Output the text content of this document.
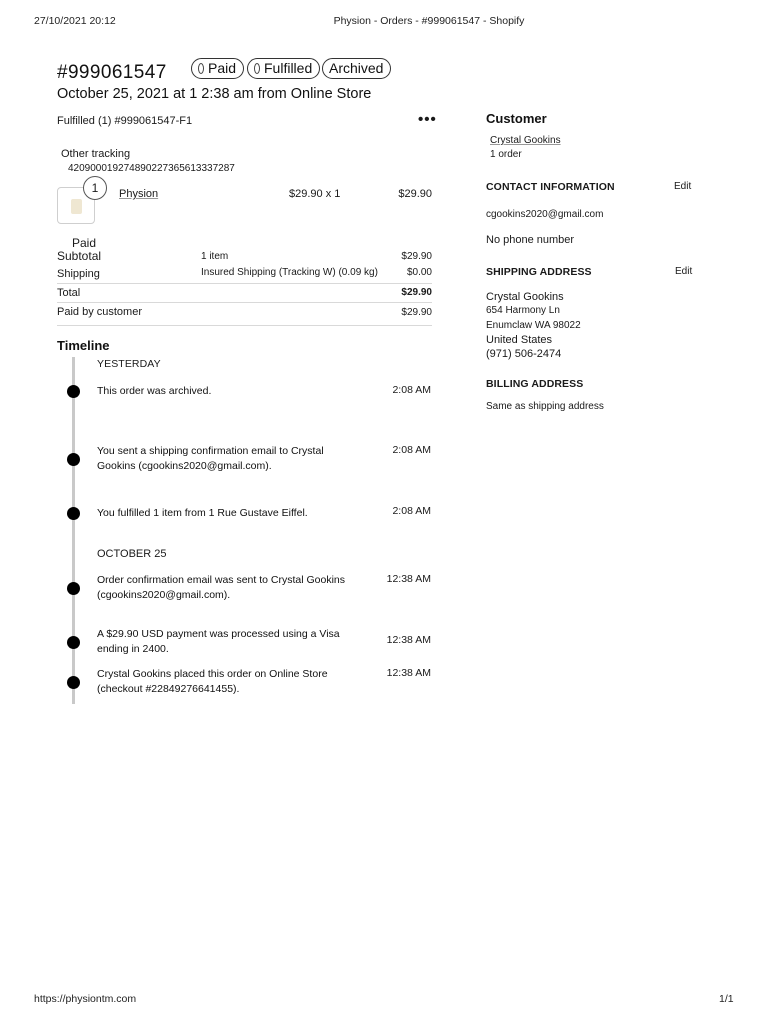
27/10/2021 20:12	Physion - Orders - #999061547 - Shopify
#999061547	Paid	Fulfilled	Archived
October 25, 2021 at 1 2:38 am from Online Store
Fulfilled (1) #999061547-F1	•••
Other tracking
420900019274890227365613337287
1	Physion	$29.90 x 1	$29.90
Paid
Subtotal	1 item	$29.90
Shipping	Insured Shipping (Tracking W) (0.09 kg)	$0.00
Total	$29.90
Paid by customer	$29.90
Timeline
YESTERDAY
This order was archived.	2:08 AM
You sent a shipping confirmation email to Crystal Gookins (cgookins2020@gmail.com).
2:08 AM
You fulfilled 1 item from 1 Rue Gustave Eiffel.	2:08 AM
OCTOBER 25
Order confirmation email was sent to Crystal Gookins (cgookins2020@gmail.com).
12:38 AM
A $29.90 USD payment was processed using a Visa ending in 2400.
12:38 AM
Crystal Gookins placed this order on Online Store (checkout #22849276641455).
12:38 AM
Customer
Crystal Gookins
1 order
CONTACT INFORMATION	Edit
cgookins2020@gmail.com
No phone number
SHIPPING ADDRESS	Edit
Crystal Gookins
654 Harmony Ln
Enumclaw WA 98022
United States
(971) 506-2474
BILLING ADDRESS
Same as shipping address
https://physiontm.com	1/1
